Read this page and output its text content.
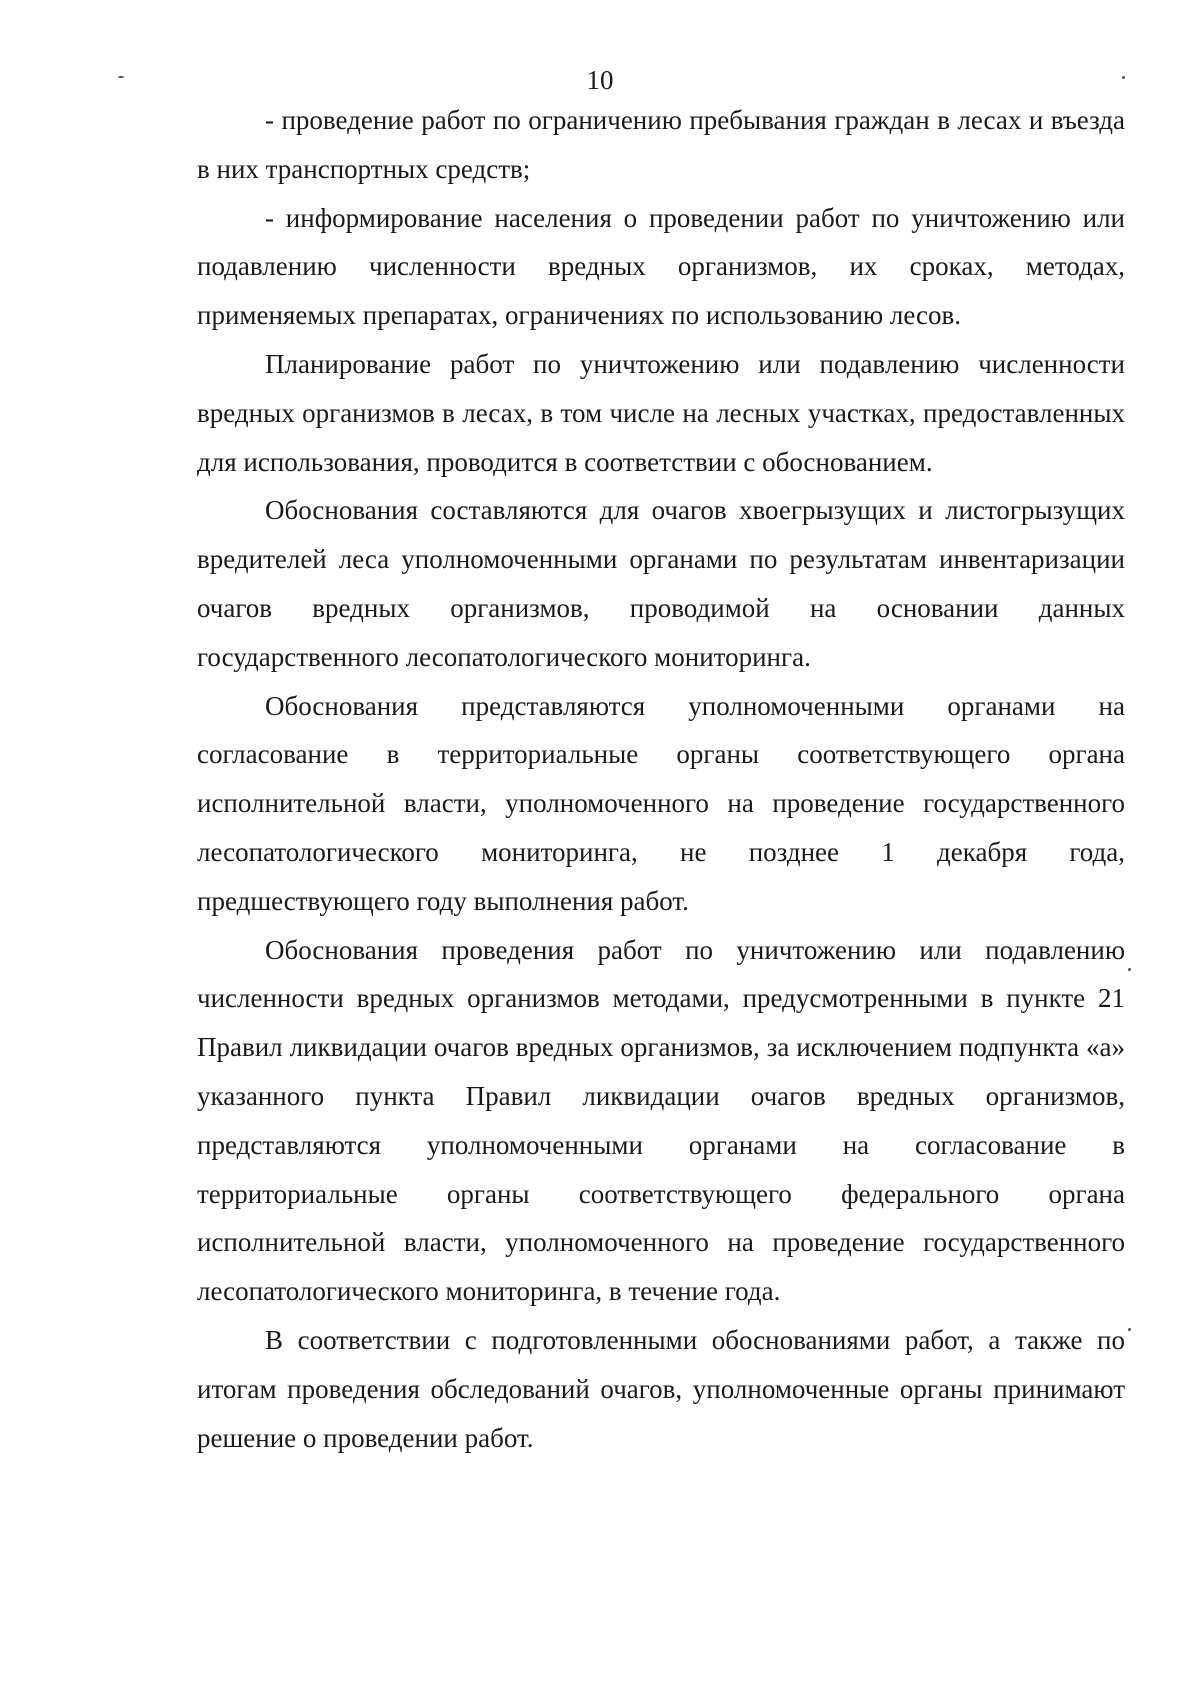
10

- проведение работ по ограничению пребывания граждан в лесах и въезда в них транспортных средств;

- информирование населения о проведении работ по уничтожению или подавлению численности вредных организмов, их сроках, методах, применяемых препаратах, ограничениях по использованию лесов.

Планирование работ по уничтожению или подавлению численности вредных организмов в лесах, в том числе на лесных участках, предоставленных для использования, проводится в соответствии с обоснованием.

Обоснования составляются для очагов хвоегрызущих и листогрызущих вредителей леса уполномоченными органами по результатам инвентаризации очагов вредных организмов, проводимой на основании данных государственного лесопатологического мониторинга.

Обоснования представляются уполномоченными органами на согласование в территориальные органы соответствующего органа исполнительной власти, уполномоченного на проведение государственного лесопатологического мониторинга, не позднее 1 декабря года, предшествующего году выполнения работ.

Обоснования проведения работ по уничтожению или подавлению численности вредных организмов методами, предусмотренными в пункте 21 Правил ликвидации очагов вредных организмов, за исключением подпункта «а» указанного пункта Правил ликвидации очагов вредных организмов, представляются уполномоченными органами на согласование в территориальные органы соответствующего федерального органа исполнительной власти, уполномоченного на проведение государственного лесопатологического мониторинга, в течение года.

В соответствии с подготовленными обоснованиями работ, а также по итогам проведения обследований очагов, уполномоченные органы принимают решение о проведении работ.
